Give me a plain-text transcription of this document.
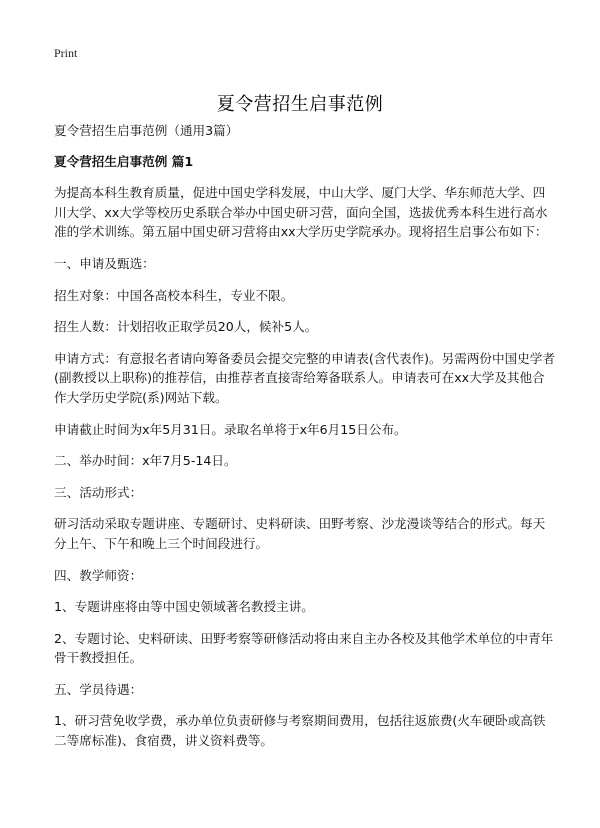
Print
夏令营招生启事范例

夏令营招生启事范例（通用3篇）

夏令营招生启事范例 篇1

为提高本科生教育质量，促进中国史学科发展，中山大学、厦门大学、华东师范大学、四川大学、xx大学等校历史系联合举办中国史研习营，面向全国，选拔优秀本科生进行高水准的学术训练。第五届中国史研习营将由xx大学历史学院承办。现将招生启事公布如下：

一、申请及甄选：

招生对象：中国各高校本科生，专业不限。

招生人数：计划招收正取学员20人，候补5人。

申请方式：有意报名者请向筹备委员会提交完整的申请表(含代表作)。另需两份中国史学者(副教授以上职称)的推荐信，由推荐者直接寄给筹备联系人。申请表可在xx大学及其他合作大学历史学院(系)网站下载。

申请截止时间为x年5月31日。录取名单将于x年6月15日公布。

二、举办时间：x年7月5-14日。

三、活动形式：

研习活动采取专题讲座、专题研讨、史料研读、田野考察、沙龙漫谈等结合的形式。每天分上午、下午和晚上三个时间段进行。

四、教学师资：

1、专题讲座将由等中国史领域著名教授主讲。

2、专题讨论、史料研读、田野考察等研修活动将由来自主办各校及其他学术单位的中青年骨干教授担任。

五、学员待遇：

1、研习营免收学费，承办单位负责研修与考察期间费用，包括往返旅费(火车硬卧或高铁二等席标准)、食宿费，讲义资料费等。
